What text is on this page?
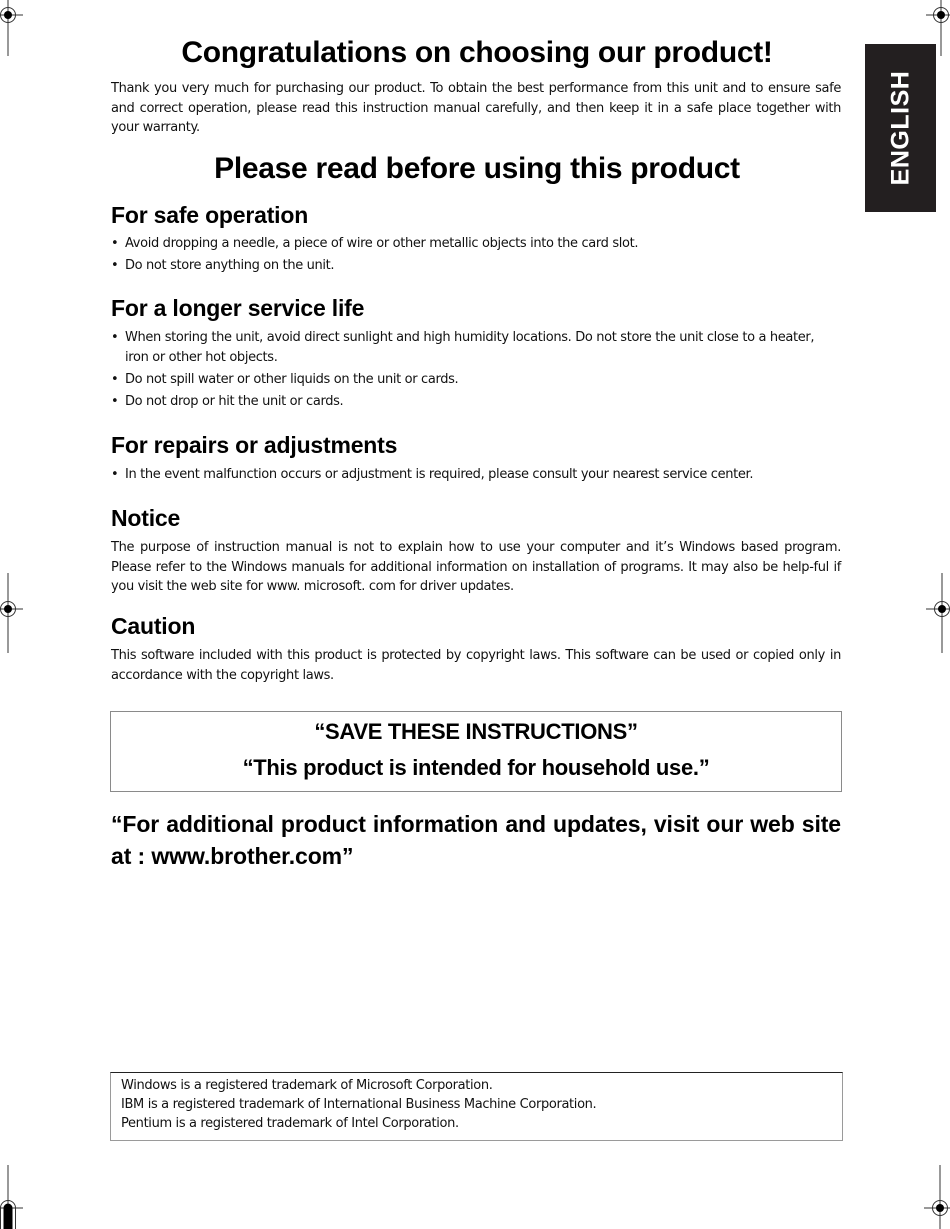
ENGLISH
Congratulations on choosing our product!

Thank you very much for purchasing our product. To obtain the best performance from this unit and to ensure safe and correct operation, please read this instruction manual carefully, and then keep it in a safe place together with your warranty.

Please read before using this product
For safe operation
• Avoid dropping a needle, a piece of wire or other metallic objects into the card slot.
• Do not store anything on the unit.
For a longer service life
• When storing the unit, avoid direct sunlight and high humidity locations. Do not store the unit close to a heater, iron or other hot objects.
• Do not spill water or other liquids on the unit or cards.
• Do not drop or hit the unit or cards.
For repairs or adjustments
• In the event malfunction occurs or adjustment is required, please consult your nearest service center.
Notice

The purpose of instruction manual is not to explain how to use your computer and it’s Windows based program. Please refer to the Windows manuals for additional information on installation of programs. It may also be help-ful if you visit the web site for www. microsoft. com for driver updates.

Caution

This software included with this product is protected by copyright laws. This software can be used or copied only in accordance with the copyright laws.

“SAVE THESE INSTRUCTIONS”
“This product is intended for household use.”

“For additional product information and updates, visit our web site at : www.brother.com”

Windows is a registered trademark of Microsoft Corporation.
IBM is a registered trademark of International Business Machine Corporation.
Pentium is a registered trademark of Intel Corporation.
